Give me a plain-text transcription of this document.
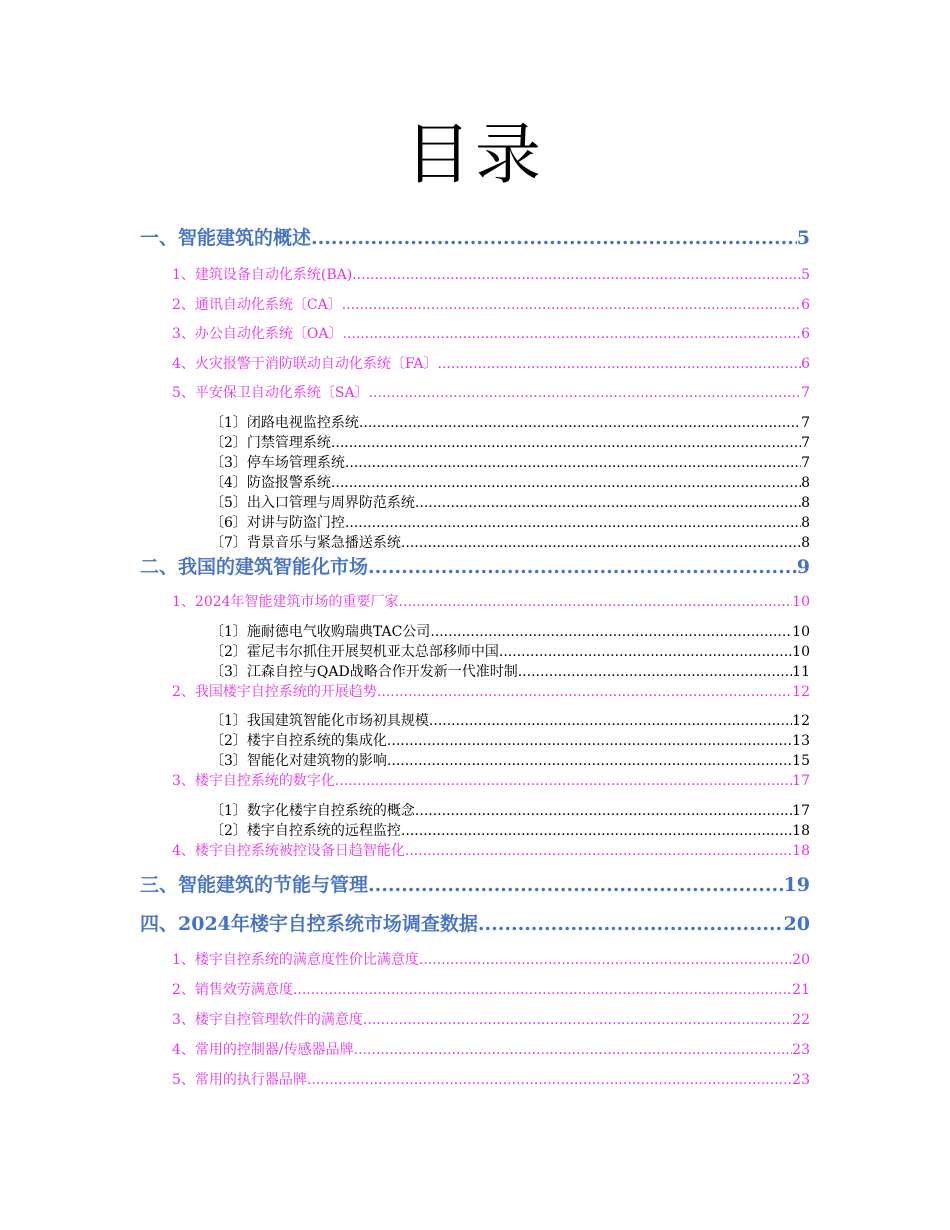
目录
一、智能建筑的概述 .....	5
1、建筑设备自动化系统(BA) .....	5
2、通讯自动化系统〔CA〕 .....	6
3、办公自动化系统〔OA〕 .....	6
4、火灾报警于消防联动自动化系统〔FA〕 .....	6
5、平安保卫自动化系统〔SA〕 .....	7
〔1〕闭路电视监控系统 .....	7
〔2〕门禁管理系统 .....	7
〔3〕停车场管理系统 .....	7
〔4〕防盗报警系统 .....	8
〔5〕出入口管理与周界防范系统 .....	8
〔6〕对讲与防盗门控 .....	8
〔7〕背景音乐与紧急播送系统 .....	8
二、我国的建筑智能化市场 .....	9
1、2024年智能建筑市场的重要厂家 .....	10
〔1〕施耐德电气收购瑞典TAC公司 .....	10
〔2〕霍尼韦尔抓住开展契机亚太总部移师中国 .....	10
〔3〕江森自控与QAD战略合作开发新一代准时制 .....	11
2、我国楼宇自控系统的开展趋势 .....	12
〔1〕我国建筑智能化市场初具规模 .....	12
〔2〕楼宇自控系统的集成化 .....	13
〔3〕智能化对建筑物的影响 .....	15
3、楼宇自控系统的数字化 .....	17
〔1〕数字化楼宇自控系统的概念 .....	17
〔2〕楼宇自控系统的远程监控 .....	18
4、楼宇自控系统被控设备日趋智能化 .....	18
三、智能建筑的节能与管理 .....	19
四、2024年楼宇自控系统市场调查数据 .....	20
1、楼宇自控系统的满意度性价比满意度 .....	20
2、销售效劳满意度 .....	21
3、楼宇自控管理软件的满意度 .....	22
4、常用的控制器/传感器品牌 .....	23
5、常用的执行器品牌 .....	23
